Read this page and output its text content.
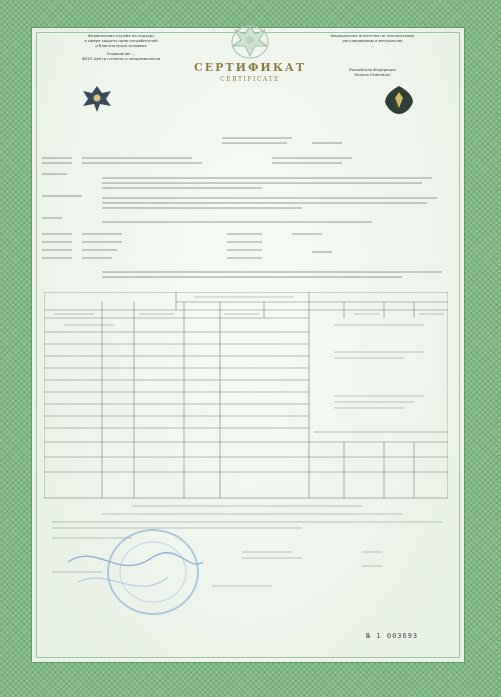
Федеральная служба по надзору
в сфере защиты прав потребителей
и благополучия человека
Управление ...
ФБУЗ Центр гигиены и эпидемиологии
Федеральное агентство по техническому
регулированию и метрологии
...
Российская Федерация
Russian Federation
СЕРТИФИКАТ
CERTIFICATE
№ 1 003693
